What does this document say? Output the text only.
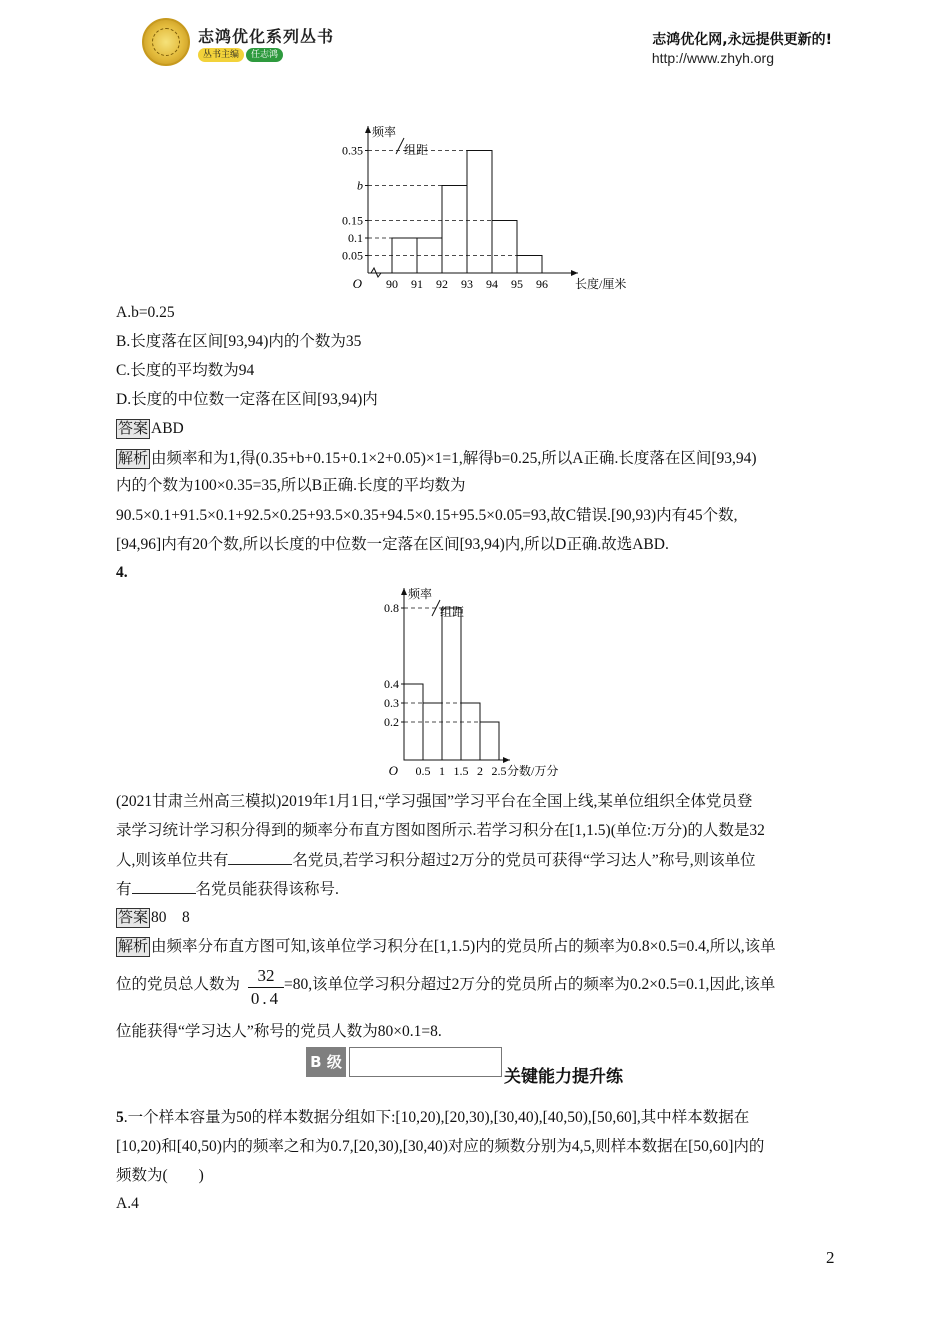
志鸿优化系列丛书
丛书主编	任志鸿
志鸿优化网,永远提供更新的!
http://www.zhyh.org
0.05
0.1
0.15
b
0.35
90 91 92 93 94 95 96
O	长度/厘米
频率
组距
A.b=0.25
B.长度落在区间[93,94)内的个数为35
C.长度的平均数为94
D.长度的中位数一定落在区间[93,94)内
答案 ABD
解析 由频率和为1,得(0.35+b+0.15+0.1×2+0.05)×1=1,解得b=0.25,所以A正确.长度落在区间[93,94)
内的个数为100×0.35=35,所以B正确.长度的平均数为
90.5×0.1+91.5×0.1+92.5×0.25+93.5×0.35+94.5×0.15+95.5×0.05=93,故C错误.[90,93)内有45个数,
[94,96]内有20个数,所以长度的中位数一定落在区间[93,94)内,所以D正确.故选ABD.
4.
0.2
0.3
0.4
0.8
0.5 1 1.5 2 2.5
O	分数/万分
频率
组距
(2021甘肃兰州高三模拟)2019年1月1日,“学习强国”学习平台在全国上线,某单位组织全体党员登
录学习统计学习积分得到的频率分布直方图如图所示.若学习积分在[1,1.5)(单位:万分)的人数是32
人,则该单位共有	名党员,若学习积分超过2万分的党员可获得“学习达人”称号,则该单位
有	名党员能获得该称号.
答案 80　8
解析 由频率分布直方图可知,该单位学习积分在[1,1.5)内的党员所占的频率为0.8×0.5=0.4,所以,该单
位的党员总人数为	32
0.4
=80,该单位学习积分超过2万分的党员所占的频率为0.2×0.5=0.1,因此,该单
位能获得“学习达人”称号的党员人数为80×0.1=8.
B 级
关键能力提升练
5.一个样本容量为50的样本数据分组如下:[10,20),[20,30),[30,40),[40,50),[50,60],其中样本数据在
[10,20)和[40,50)内的频率之和为0.7,[20,30),[30,40)对应的频数分别为4,5,则样本数据在[50,60]内的
频数为(　　)
A.4
2
